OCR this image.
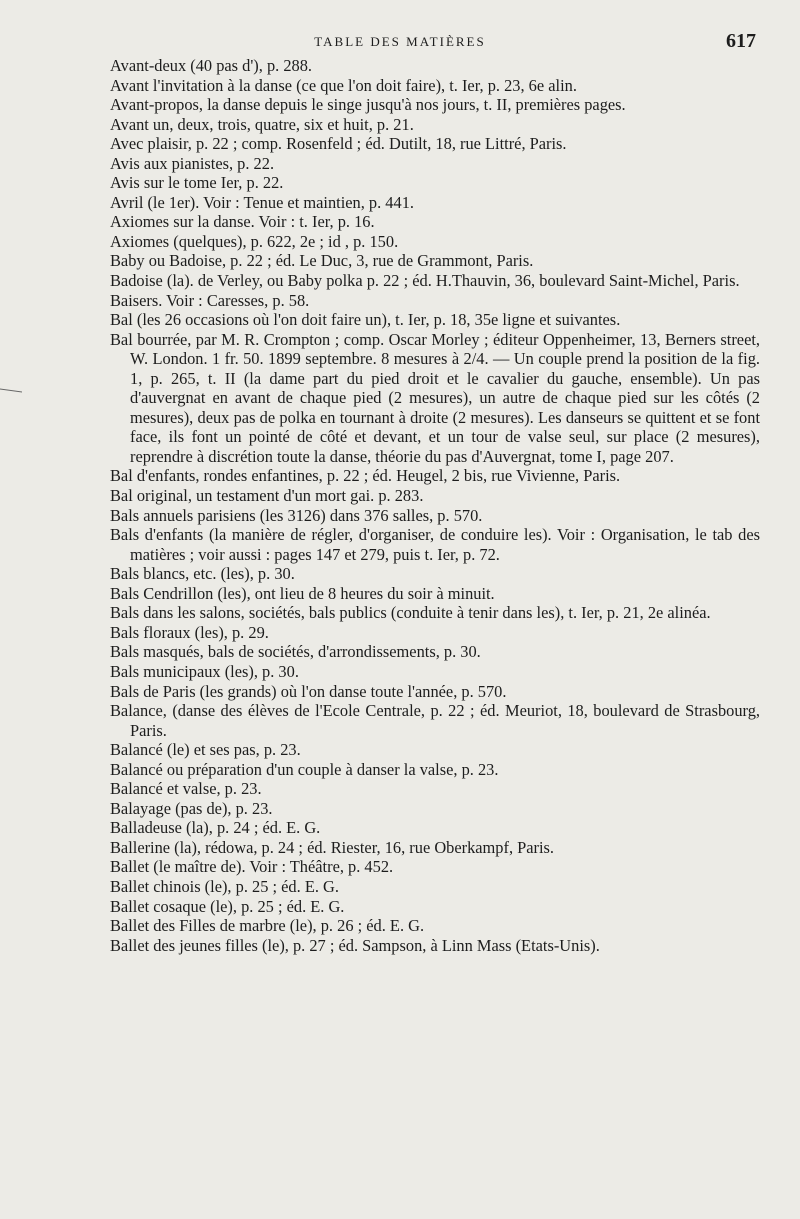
TABLE DES MATIÈRES	617
Avant-deux (40 pas d'), p. 288.
Avant l'invitation à la danse (ce que l'on doit faire), t. Ier, p. 23, 6e alin.
Avant-propos, la danse depuis le singe jusqu'à nos jours, t. II, premières pages.
Avant un, deux, trois, quatre, six et huit, p. 21.
Avec plaisir, p. 22 ; comp. Rosenfeld ; éd. Dutilt, 18, rue Littré, Paris.
Avis aux pianistes, p. 22.
Avis sur le tome Ier, p. 22.
Avril (le 1er). Voir : Tenue et maintien, p. 441.
Axiomes sur la danse. Voir : t. Ier, p. 16.
Axiomes (quelques), p. 622, 2e ; id , p. 150.
Baby ou Badoise, p. 22 ; éd. Le Duc, 3, rue de Grammont, Paris.
Badoise (la). de Verley, ou Baby polka p. 22 ; éd. H.Thauvin, 36, boulevard Saint-Michel, Paris.
Baisers. Voir : Caresses, p. 58.
Bal (les 26 occasions où l'on doit faire un), t. Ier, p. 18, 35e ligne et suivantes.
Bal bourrée, par M. R. Crompton ; comp. Oscar Morley ; éditeur Oppenheimer, 13, Berners street, W. London. 1 fr. 50. 1899 septembre. 8 mesures à 2/4. — Un couple prend la position de la fig. 1, p. 265, t. II (la dame part du pied droit et le cavalier du gauche, ensemble). Un pas d'auvergnat en avant de chaque pied (2 mesures), un autre de chaque pied sur les côtés (2 mesures), deux pas de polka en tournant à droite (2 mesures). Les danseurs se quittent et se font face, ils font un pointé de côté et devant, et un tour de valse seul, sur place (2 mesures), reprendre à discrétion toute la danse, théorie du pas d'Auvergnat, tome I, page 207.
Bal d'enfants, rondes enfantines, p. 22 ; éd. Heugel, 2 bis, rue Vivienne, Paris.
Bal original, un testament d'un mort gai. p. 283.
Bals annuels parisiens (les 3126) dans 376 salles, p. 570.
Bals d'enfants (la manière de régler, d'organiser, de conduire les). Voir : Organisation, le tab des matières ; voir aussi : pages 147 et 279, puis t. Ier, p. 72.
Bals blancs, etc. (les), p. 30.
Bals Cendrillon (les), ont lieu de 8 heures du soir à minuit.
Bals dans les salons, sociétés, bals publics (conduite à tenir dans les), t. Ier, p. 21, 2e alinéa.
Bals floraux (les), p. 29.
Bals masqués, bals de sociétés, d'arrondissements, p. 30.
Bals municipaux (les), p. 30.
Bals de Paris (les grands) où l'on danse toute l'année, p. 570.
Balance, (danse des élèves de l'Ecole Centrale, p. 22 ; éd. Meuriot, 18, boulevard de Strasbourg, Paris.
Balancé (le) et ses pas, p. 23.
Balancé ou préparation d'un couple à danser la valse, p. 23.
Balancé et valse, p. 23.
Balayage (pas de), p. 23.
Balladeuse (la), p. 24 ; éd. E. G.
Ballerine (la), rédowa, p. 24 ; éd. Riester, 16, rue Oberkampf, Paris.
Ballet (le maître de). Voir : Théâtre, p. 452.
Ballet chinois (le), p. 25 ; éd. E. G.
Ballet cosaque (le), p. 25 ; éd. E. G.
Ballet des Filles de marbre (le), p. 26 ; éd. E. G.
Ballet des jeunes filles (le), p. 27 ; éd. Sampson, à Linn Mass (Etats-Unis).
